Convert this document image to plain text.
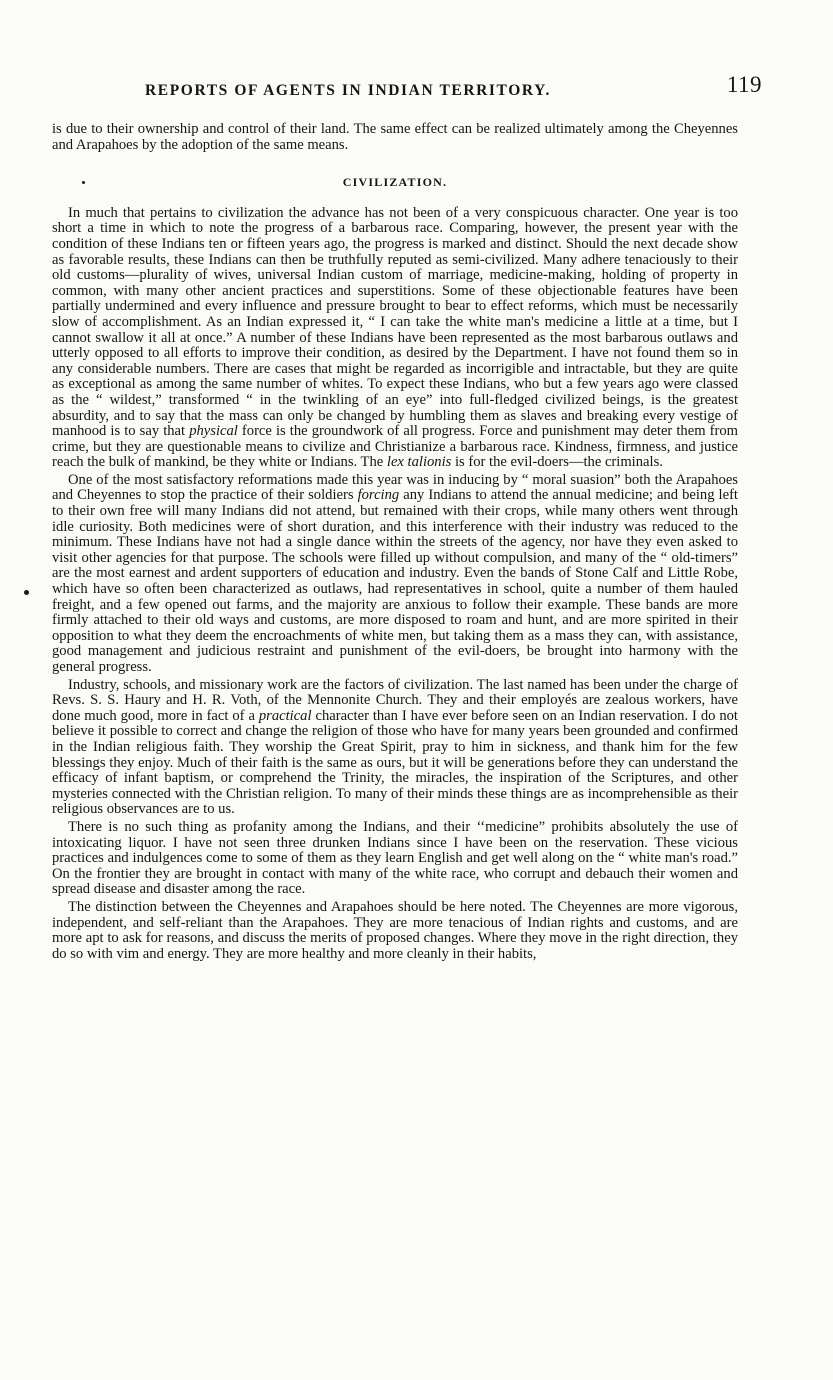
REPORTS OF AGENTS IN INDIAN TERRITORY.	119

is due to their ownership and control of their land. The same effect can be realized ultimately among the Cheyennes and Arapahoes by the adoption of the same means.

CIVILIZATION.

In much that pertains to civilization the advance has not been of a very conspicuous character. One year is too short a time in which to note the progress of a barbarous race. Comparing, however, the present year with the condition of these Indians ten or fifteen years ago, the progress is marked and distinct. Should the next decade show as favorable results, these Indians can then be truthfully reputed as semi-civilized. Many adhere tenaciously to their old customs—plurality of wives, universal Indian custom of marriage, medicine-making, holding of property in common, with many other ancient practices and superstitions. Some of these objectionable features have been partially undermined and every influence and pressure brought to bear to effect reforms, which must be necessarily slow of accomplishment. As an Indian expressed it, “ I can take the white man's medicine a little at a time, but I cannot swallow it all at once.” A number of these Indians have been represented as the most barbarous outlaws and utterly opposed to all efforts to improve their condition, as desired by the Department. I have not found them so in any considerable numbers. There are cases that might be regarded as incorrigible and intractable, but they are quite as exceptional as among the same number of whites. To expect these Indians, who but a few years ago were classed as the “ wildest,” transformed “ in the twinkling of an eye” into full-fledged civilized beings, is the greatest absurdity, and to say that the mass can only be changed by humbling them as slaves and breaking every vestige of manhood is to say that physical force is the groundwork of all progress. Force and punishment may deter them from crime, but they are questionable means to civilize and Christianize a barbarous race. Kindness, firmness, and justice reach the bulk of mankind, be they white or Indians. The lex talionis is for the evil-doers—the criminals.

One of the most satisfactory reformations made this year was in inducing by “ moral suasion” both the Arapahoes and Cheyennes to stop the practice of their soldiers forcing any Indians to attend the annual medicine; and being left to their own free will many Indians did not attend, but remained with their crops, while many others went through idle curiosity. Both medicines were of short duration, and this interference with their industry was reduced to the minimum. These Indians have not had a single dance within the streets of the agency, nor have they even asked to visit other agencies for that purpose. The schools were filled up without compulsion, and many of the “ old-timers” are the most earnest and ardent supporters of education and industry. Even the bands of Stone Calf and Little Robe, which have so often been characterized as outlaws, had representatives in school, quite a number of them hauled freight, and a few opened out farms, and the majority are anxious to follow their example. These bands are more firmly attached to their old ways and customs, are more disposed to roam and hunt, and are more spirited in their opposition to what they deem the encroachments of white men, but taking them as a mass they can, with assistance, good management and judicious restraint and punishment of the evil-doers, be brought into harmony with the general progress.

Industry, schools, and missionary work are the factors of civilization. The last named has been under the charge of Revs. S. S. Haury and H. R. Voth, of the Mennonite Church. They and their employés are zealous workers, have done much good, more in fact of a practical character than I have ever before seen on an Indian reservation. I do not believe it possible to correct and change the religion of those who have for many years been grounded and confirmed in the Indian religious faith. They worship the Great Spirit, pray to him in sickness, and thank him for the few blessings they enjoy. Much of their faith is the same as ours, but it will be generations before they can understand the efficacy of infant baptism, or comprehend the Trinity, the miracles, the inspiration of the Scriptures, and other mysteries connected with the Christian religion. To many of their minds these things are as incomprehensible as their religious observances are to us.

There is no such thing as profanity among the Indians, and their ‘‘medicine” prohibits absolutely the use of intoxicating liquor. I have not seen three drunken Indians since I have been on the reservation. These vicious practices and indulgences come to some of them as they learn English and get well along on the “ white man's road.” On the frontier they are brought in contact with many of the white race, who corrupt and debauch their women and spread disease and disaster among the race.

The distinction between the Cheyennes and Arapahoes should be here noted. The Cheyennes are more vigorous, independent, and self-reliant than the Arapahoes. They are more tenacious of Indian rights and customs, and are more apt to ask for reasons, and discuss the merits of proposed changes. Where they move in the right direction, they do so with vim and energy. They are more healthy and more cleanly in their habits,
